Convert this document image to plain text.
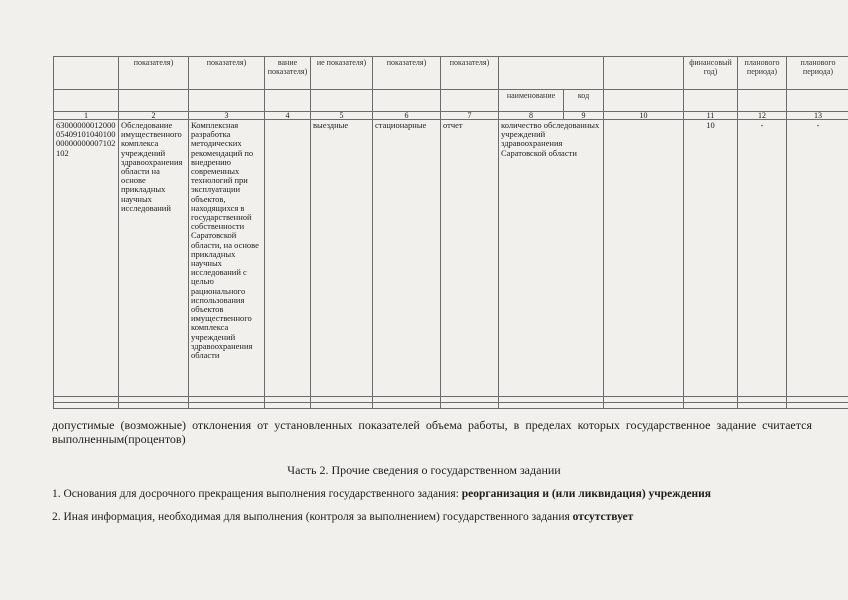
	показателя)	показателя)	вание показателя)	ие показателя)	показателя)	показателя)				финансовый год)	планового периода)	планового периода)
							наименование	код				
1	2	3	4	5	6	7	8	9	10	11	12	13
630000000120000540910104010000000000007102102	Обследование имущественного комплекса учреждений здравоохранения области на основе прикладных научных исследований	Комплексная разработка методических рекомендаций по внедрению современных технологий при эксплуатации объектов, находящихся в государственной собственности Саратовской области, на основе прикладных научных исследований с целью рационального использования объектов имущественного комплекса учреждений здравоохранения области		выездные	стационарные	отчет	количество обследованных учреждений здравоохранения Саратовской области			10	-	-

допустимые (возможные) отклонения от установленных показателей объема работы, в пределах которых государственное задание считается выполненным(процентов)
Часть 2. Прочие сведения о государственном задании
1. Основания для досрочного прекращения выполнения государственного задания: реорганизация и (или ликвидация) учреждения
2. Иная информация, необходимая для выполнения (контроля за выполнением) государственного задания отсутствует
